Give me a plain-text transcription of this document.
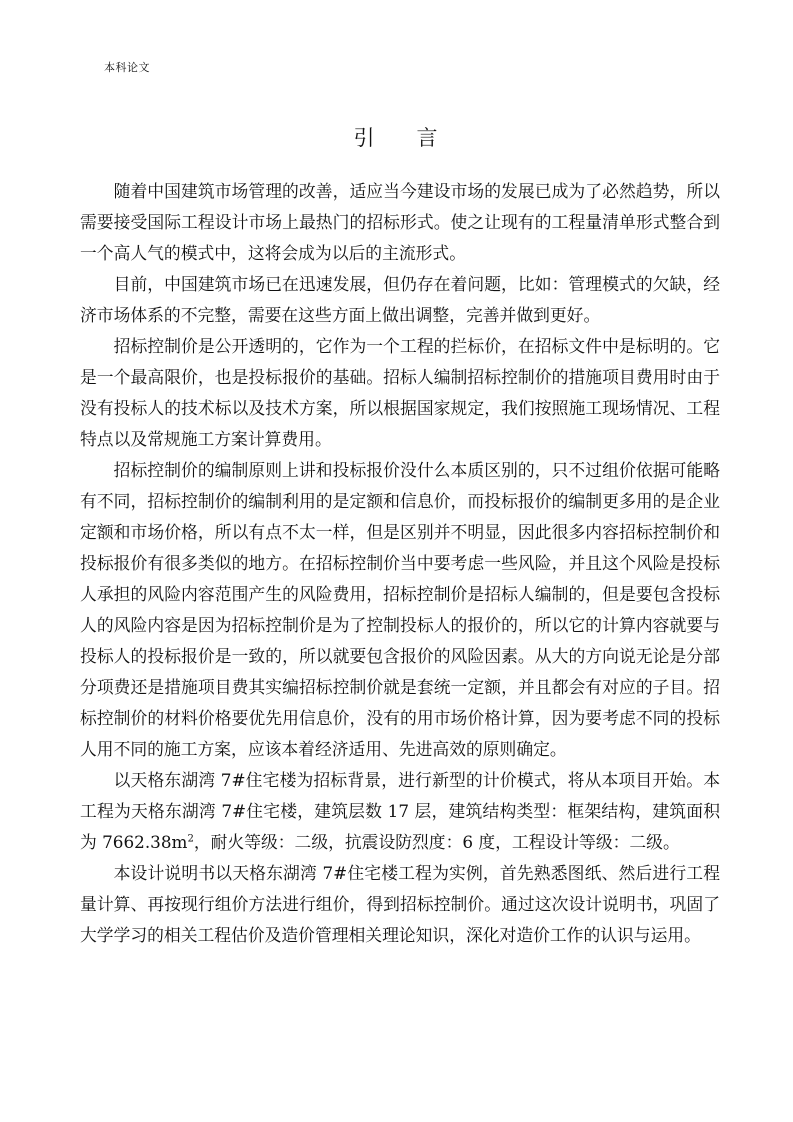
本科论文
引言

随着中国建筑市场管理的改善，适应当今建设市场的发展已成为了必然趋势，所以需要接受国际工程设计市场上最热门的招标形式。使之让现有的工程量清单形式整合到一个高人气的模式中，这将会成为以后的主流形式。

目前，中国建筑市场已在迅速发展，但仍存在着问题，比如：管理模式的欠缺，经济市场体系的不完整，需要在这些方面上做出调整，完善并做到更好。

招标控制价是公开透明的，它作为一个工程的拦标价，在招标文件中是标明的。它是一个最高限价，也是投标报价的基础。招标人编制招标控制价的措施项目费用时由于没有投标人的技术标以及技术方案，所以根据国家规定，我们按照施工现场情况、工程特点以及常规施工方案计算费用。

招标控制价的编制原则上讲和投标报价没什么本质区别的，只不过组价依据可能略有不同，招标控制价的编制利用的是定额和信息价，而投标报价的编制更多用的是企业定额和市场价格，所以有点不太一样，但是区别并不明显，因此很多内容招标控制价和投标报价有很多类似的地方。在招标控制价当中要考虑一些风险，并且这个风险是投标人承担的风险内容范围产生的风险费用，招标控制价是招标人编制的，但是要包含投标人的风险内容是因为招标控制价是为了控制投标人的报价的，所以它的计算内容就要与投标人的投标报价是一致的，所以就要包含报价的风险因素。从大的方向说无论是分部分项费还是措施项目费其实编招标控制价就是套统一定额，并且都会有对应的子目。招标控制价的材料价格要优先用信息价，没有的用市场价格计算，因为要考虑不同的投标人用不同的施工方案，应该本着经济适用、先进高效的原则确定。

以天格东湖湾 7#住宅楼为招标背景，进行新型的计价模式，将从本项目开始。本工程为天格东湖湾 7#住宅楼，建筑层数 17 层，建筑结构类型：框架结构，建筑面积为 $7662.38m^2$，耐火等级：二级，抗震设防烈度：6 度，工程设计等级：二级。

本设计说明书以天格东湖湾 7#住宅楼工程为实例，首先熟悉图纸、然后进行工程量计算、再按现行组价方法进行组价，得到招标控制价。通过这次设计说明书，巩固了大学学习的相关工程估价及造价管理相关理论知识，深化对造价工作的认识与运用。
